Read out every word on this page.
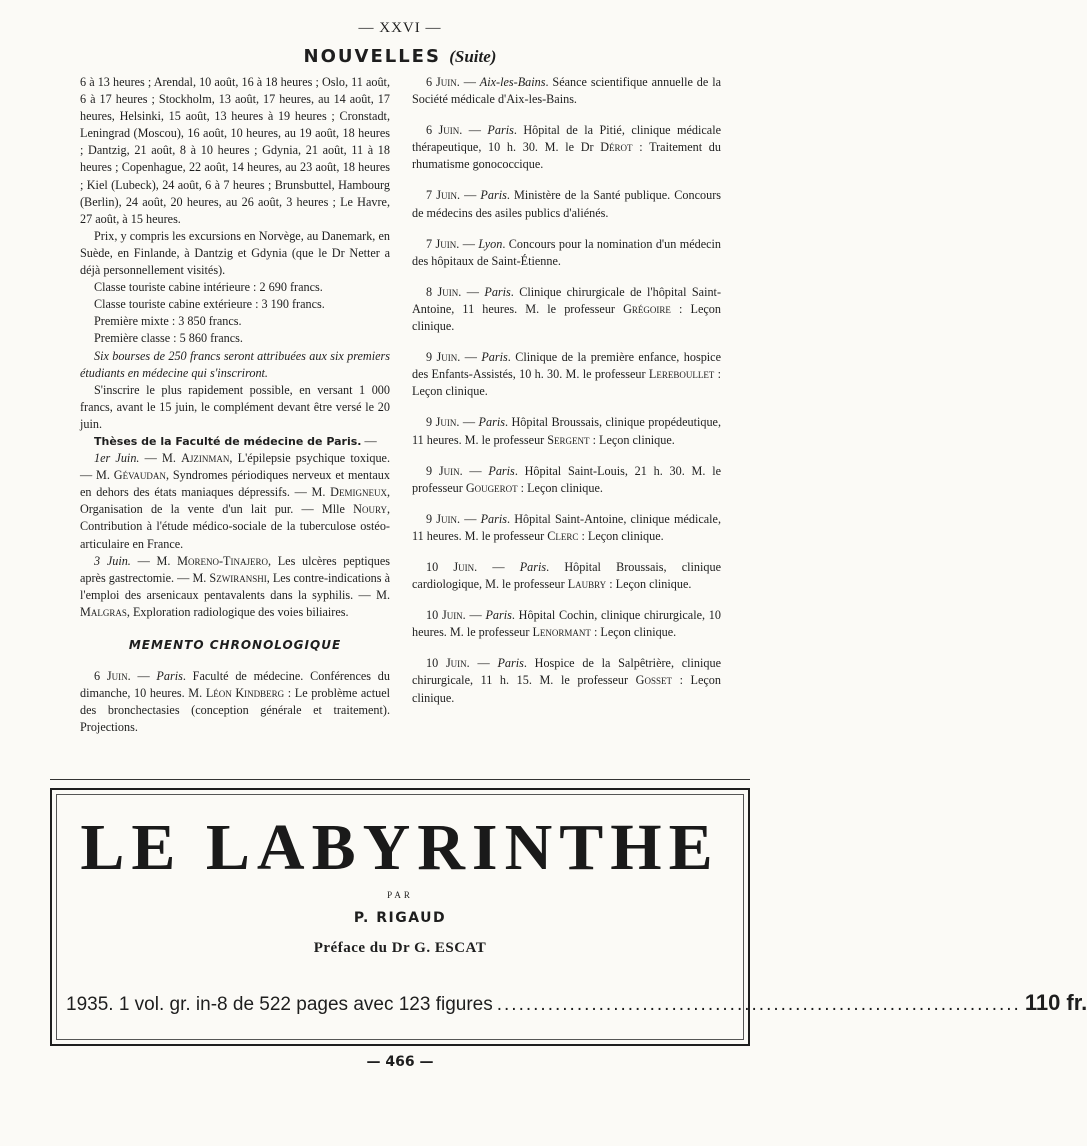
— XXVI —
NOUVELLES (Suite)

6 à 13 heures ; Arendal, 10 août, 16 à 18 heures ; Oslo, 11 août, 6 à 17 heures ; Stockholm, 13 août, 17 heures, au 14 août, 17 heures, Helsinki, 15 août, 13 heures à 19 heures ; Cronstadt, Leningrad (Moscou), 16 août, 10 heures, au 19 août, 18 heures ; Dantzig, 21 août, 8 à 10 heures ; Gdynia, 21 août, 11 à 18 heures ; Copenhague, 22 août, 14 heures, au 23 août, 18 heures ; Kiel (Lubeck), 24 août, 6 à 7 heures ; Brunsbuttel, Hambourg (Berlin), 24 août, 20 heures, au 26 août, 3 heures ; Le Havre, 27 août, à 15 heures.

Prix, y compris les excursions en Norvège, au Danemark, en Suède, en Finlande, à Dantzig et Gdynia (que le Dr Netter a déjà personnellement visités).

Classe touriste cabine intérieure : 2 690 francs.

Classe touriste cabine extérieure : 3 190 francs.

Première mixte : 3 850 francs.

Première classe : 5 860 francs.

Six bourses de 250 francs seront attribuées aux six premiers étudiants en médecine qui s'inscriront.

S'inscrire le plus rapidement possible, en versant 1 000 francs, avant le 15 juin, le complément devant être versé le 20 juin.

Thèses de la Faculté de médecine de Paris. —

1er Juin. — M. Ajzinman, L'épilepsie psychique toxique. — M. Gévaudan, Syndromes périodiques nerveux et mentaux en dehors des états maniaques dépressifs. — M. Demigneux, Organisation de la vente d'un lait pur. — Mlle Noury, Contribution à l'étude médico-sociale de la tuberculose ostéo-articulaire en France.

3 Juin. — M. Moreno-Tinajero, Les ulcères peptiques après gastrectomie. — M. Szwiranshi, Les contre-indications à l'emploi des arsenicaux pentavalents dans la syphilis. — M. Malgras, Exploration radiologique des voies biliaires.

MEMENTO CHRONOLOGIQUE

6 Juin. — Paris. Faculté de médecine. Conférences du dimanche, 10 heures. M. Léon Kindberg : Le problème actuel des bronchectasies (conception générale et traitement). Projections.

6 Juin. — Aix-les-Bains. Séance scientifique annuelle de la Société médicale d'Aix-les-Bains.

6 Juin. — Paris. Hôpital de la Pitié, clinique médicale thérapeutique, 10 h. 30. M. le Dr Dérot : Traitement du rhumatisme gonococcique.

7 Juin. — Paris. Ministère de la Santé publique. Concours de médecins des asiles publics d'aliénés.

7 Juin. — Lyon. Concours pour la nomination d'un médecin des hôpitaux de Saint-Étienne.

8 Juin. — Paris. Clinique chirurgicale de l'hôpital Saint-Antoine, 11 heures. M. le professeur Grégoire : Leçon clinique.

9 Juin. — Paris. Clinique de la première enfance, hospice des Enfants-Assistés, 10 h. 30. M. le professeur Lereboullet : Leçon clinique.

9 Juin. — Paris. Hôpital Broussais, clinique propédeutique, 11 heures. M. le professeur Sergent : Leçon clinique.

9 Juin. — Paris. Hôpital Saint-Louis, 21 h. 30. M. le professeur Gougerot : Leçon clinique.

9 Juin. — Paris. Hôpital Saint-Antoine, clinique médicale, 11 heures. M. le professeur Clerc : Leçon clinique.

10 Juin. — Paris. Hôpital Broussais, clinique cardiologique, M. le professeur Laubry : Leçon clinique.

10 Juin. — Paris. Hôpital Cochin, clinique chirurgicale, 10 heures. M. le professeur Lenormant : Leçon clinique.

10 Juin. — Paris. Hospice de la Salpêtrière, clinique chirurgicale, 11 h. 15. M. le professeur Gosset : Leçon clinique.

LE LABYRINTHE
PAR
P. RIGAUD
Préface du Dr G. ESCAT
1935. 1 vol. gr. in-8 de 522 pages avec 123 figures ........................................................................ 110 fr.
— 466 —
